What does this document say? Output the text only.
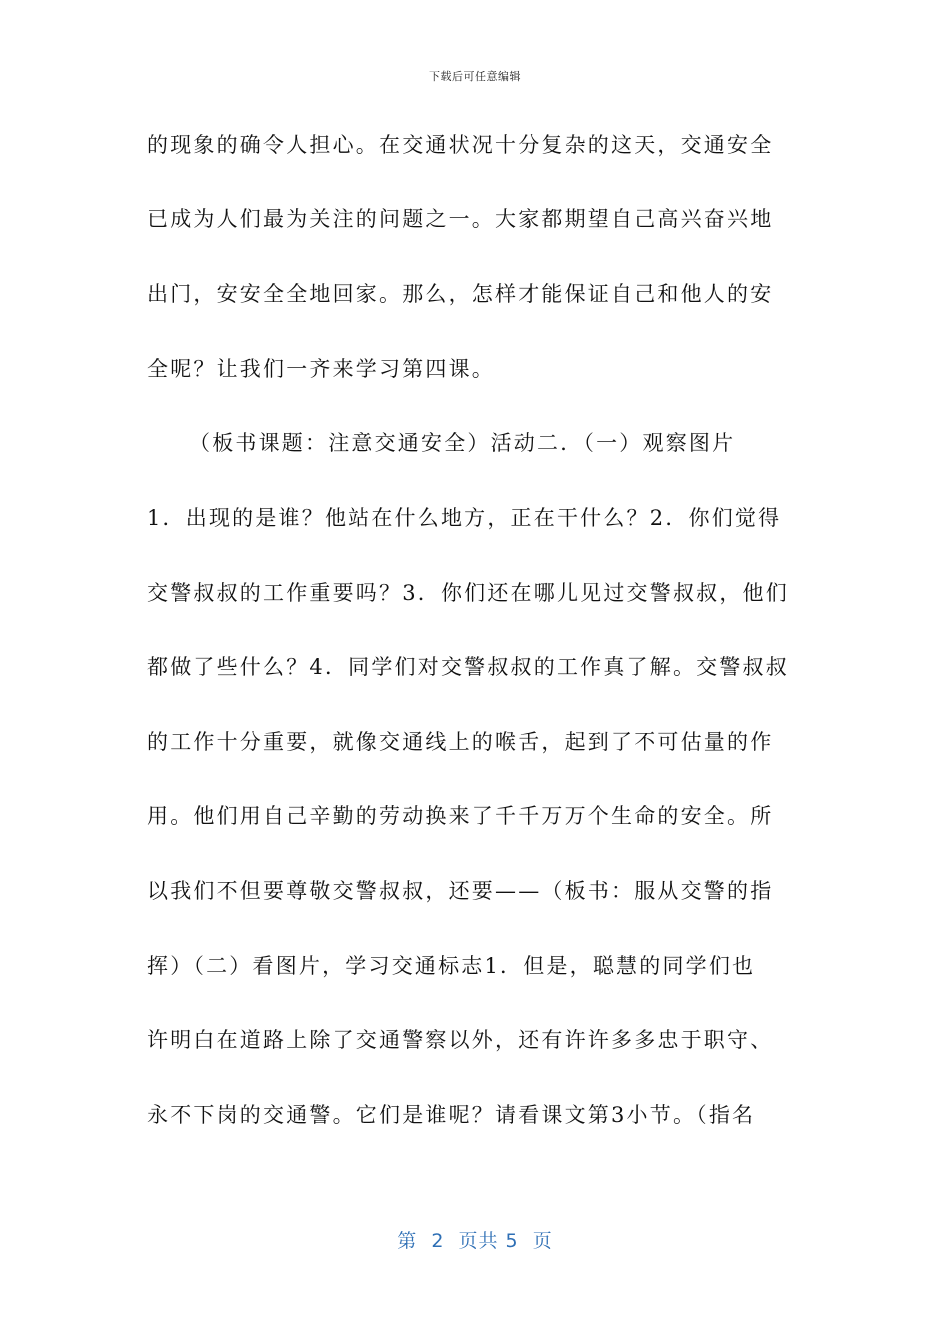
下载后可任意编辑
的现象的确令人担心。在交通状况十分复杂的这天，交通安全
已成为人们最为关注的问题之一。大家都期望自己高兴奋兴地
出门，安安全全地回家。那么，怎样才能保证自己和他人的安
全呢？让我们一齐来学习第四课。
（板书课题：注意交通安全）活动二．（一）观察图片
1．出现的是谁？他站在什么地方，正在干什么？2．你们觉得
交警叔叔的工作重要吗？3．你们还在哪儿见过交警叔叔，他们
都做了些什么？4．同学们对交警叔叔的工作真了解。交警叔叔
的工作十分重要，就像交通线上的喉舌，起到了不可估量的作
用。他们用自己辛勤的劳动换来了千千万万个生命的安全。所
以我们不但要尊敬交警叔叔，还要——（板书：服从交警的指
挥）（二）看图片，学习交通标志1．但是，聪慧的同学们也
许明白在道路上除了交通警察以外，还有许许多多忠于职守、
永不下岗的交通警。它们是谁呢？请看课文第3小节。（指名
第  2  页共 5  页
